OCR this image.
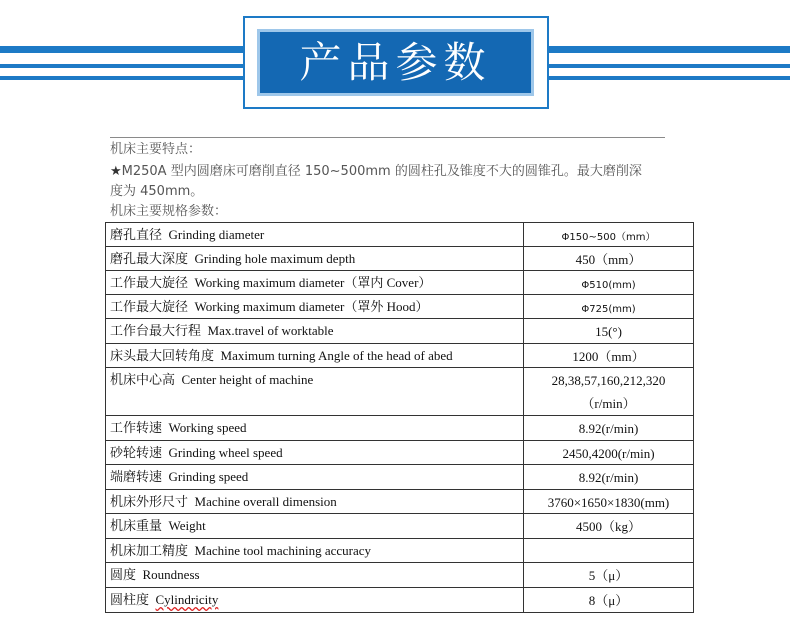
产品参数
机床主要特点：
★M250A 型内圆磨床可磨削直径 150~500mm 的圆柱孔及锥度不大的圆锥孔。最大磨削深
度为 450mm。
机床主要规格参数：
磨孔直径 Grinding diameter	Φ150~500（mm）

磨孔最大深度 Grinding hole maximum depth	450（mm）

工作最大旋径 Working maximum diameter（罩内 Cover）	Φ510(mm)

工作最大旋径 Working maximum diameter（罩外 Hood）	Φ725(mm)

工作台最大行程 Max.travel of worktable	15(°)

床头最大回转角度 Maximum turning Angle of the head of abed	1200（mm）

机床中心高 Center height of machine	28,38,57,160,212,320
（r/min）

工作转速 Working speed	8.92(r/min)

砂轮转速 Grinding wheel speed	2450,4200(r/min)

端磨转速 Grinding speed	8.92(r/min)

机床外形尺寸 Machine overall dimension	3760×1650×1830(mm)

机床重量 Weight	4500（kg）

机床加工精度 Machine tool machining accuracy	

圆度 Roundness	5（μ）

圆柱度 Cylindricity	8（μ）
